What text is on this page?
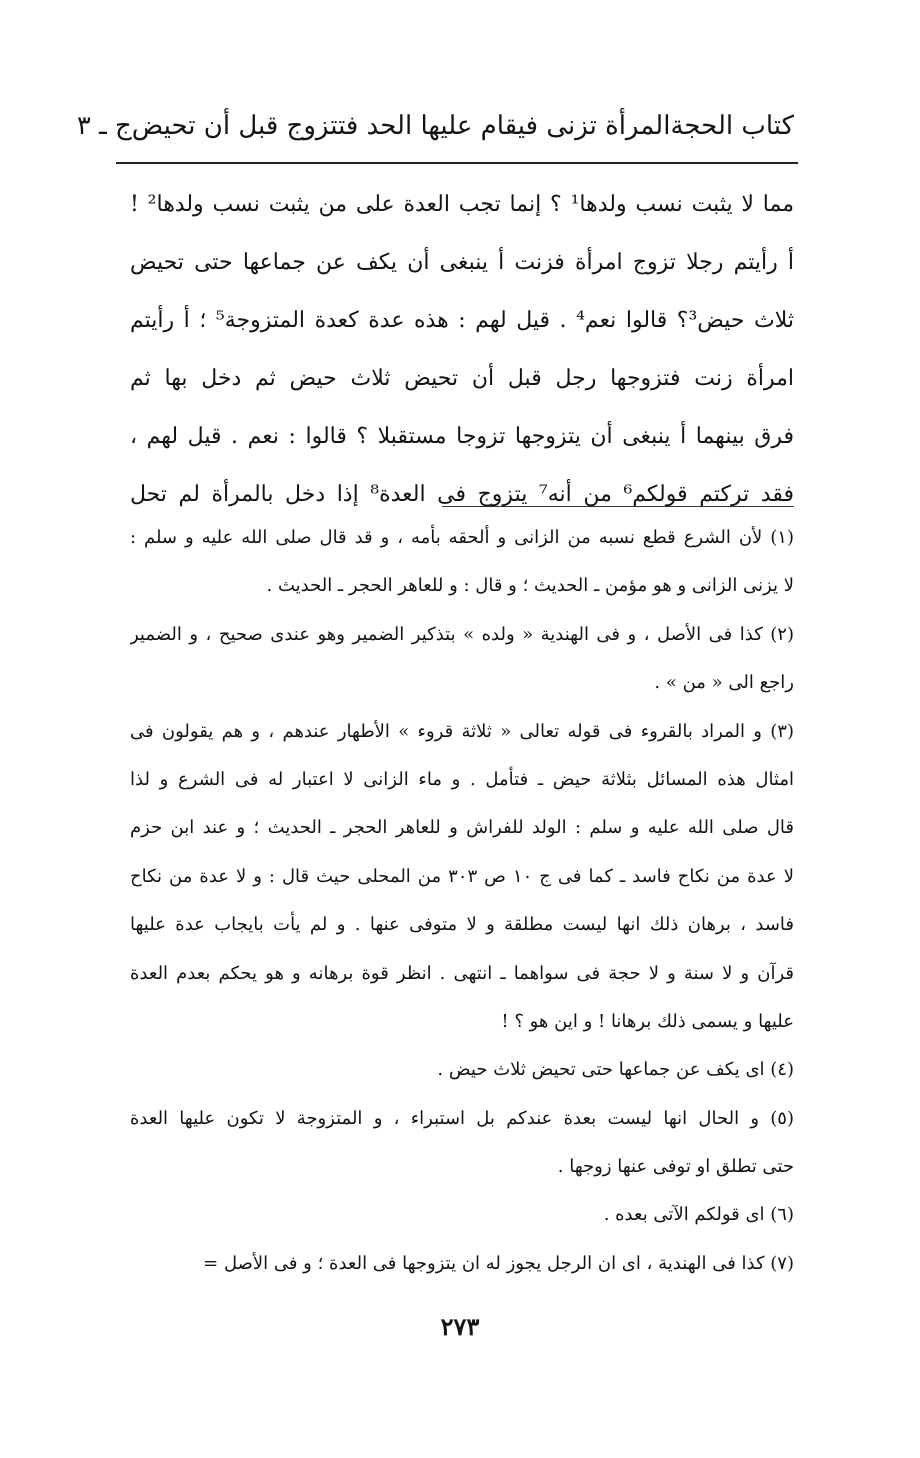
كتاب الحجة
المرأة تزنى فيقام عليها الحد فتتزوج قبل أن تحيض
ج ـ ٣
مما لا يثبت نسب ولدها¹ ؟ إنما تجب العدة على من يثبت نسب ولدها² !
أ رأيتم رجلا تزوج امرأة فزنت أ ينبغى أن يكف عن جماعها حتى تحيض
ثلاث حيض³؟ قالوا نعم⁴ . قيل لهم : هذه عدة كعدة المتزوجة⁵ ؛ أ رأيتم
امرأة زنت فتزوجها رجل قبل أن تحيض ثلاث حيض ثم دخل بها ثم
فرق بينهما أ ينبغى أن يتزوجها تزوجا مستقبلا ؟ قالوا : نعم . قيل لهم ،
فقد تركتم قولكم⁶ من أنه⁷ يتزوج فى العدة⁸ إذا دخل بالمرأة لم تحل
(١) لأن الشرع قطع نسبه من الزانى و ألحقه بأمه ، و قد قال صلى الله عليه و سلم :
لا يزنى الزانى و هو مؤمن ـ الحديث ؛ و قال : و للعاهر الحجر ـ الحديث .
(٢) كذا فى الأصل ، و فى الهندية « ولده » بتذكير الضمير وهو عندى صحيح ، و الضمير
راجع الى « من » .
(٣) و المراد بالقروء فى قوله تعالى « ثلاثة قروء » الأطهار عندهم ، و هم يقولون فى
امثال هذه المسائل بثلاثة حيض ـ فتأمل . و ماء الزانى لا اعتبار له فى الشرع و لذا
قال صلى الله عليه و سلم : الولد للفراش و للعاهر الحجر ـ الحديث ؛ و عند ابن حزم
لا عدة من نكاح فاسد ـ كما فى ج ١٠ ص ٣٠٣ من المحلى حيث قال : و لا عدة من نكاح
فاسد ، برهان ذلك انها ليست مطلقة و لا متوفى عنها . و لم يأت بايجاب عدة عليها
قرآن و لا سنة و لا حجة فى سواهما ـ انتهى . انظر قوة برهانه و هو يحكم بعدم العدة
عليها و يسمى ذلك برهانا ! و اين هو ؟ !
(٤) اى يكف عن جماعها حتى تحيض ثلاث حيض .
(٥) و الحال انها ليست بعدة عندكم بل استبراء ، و المتزوجة لا تكون عليها العدة
حتى تطلق او توفى عنها زوجها .
(٦) اى قولكم الآتى بعده .
(٧) كذا فى الهندية ، اى ان الرجل يجوز له ان يتزوجها فى العدة ؛ و فى الأصل =
٢٧٣
